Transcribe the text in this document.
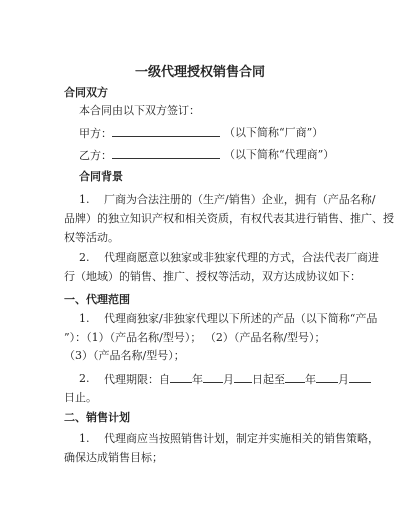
一级代理授权销售合同
合同双方
本合同由以下双方签订：
甲方：	（以下简称“厂商”）
乙方：	（以下简称“代理商”）
合同背景
1. 厂商为合法注册的（生产/销售）企业，拥有（产品名称/
品牌）的独立知识产权和相关资质，有权代表其进行销售、推广、授
权等活动。
2. 代理商愿意以独家或非独家代理的方式，合法代表厂商进
行（地域）的销售、推广、授权等活动，双方达成协议如下：
一、代理范围
1. 代理商独家/非独家代理以下所述的产品（以下简称“产品
”）：（1）（产品名称/型号）； （2）（产品名称/型号）；
（3）（产品名称/型号）；
2. 代理期限：自 年 月 日起至 年 月
日止。
二、销售计划
1. 代理商应当按照销售计划，制定并实施相关的销售策略，
确保达成销售目标；
